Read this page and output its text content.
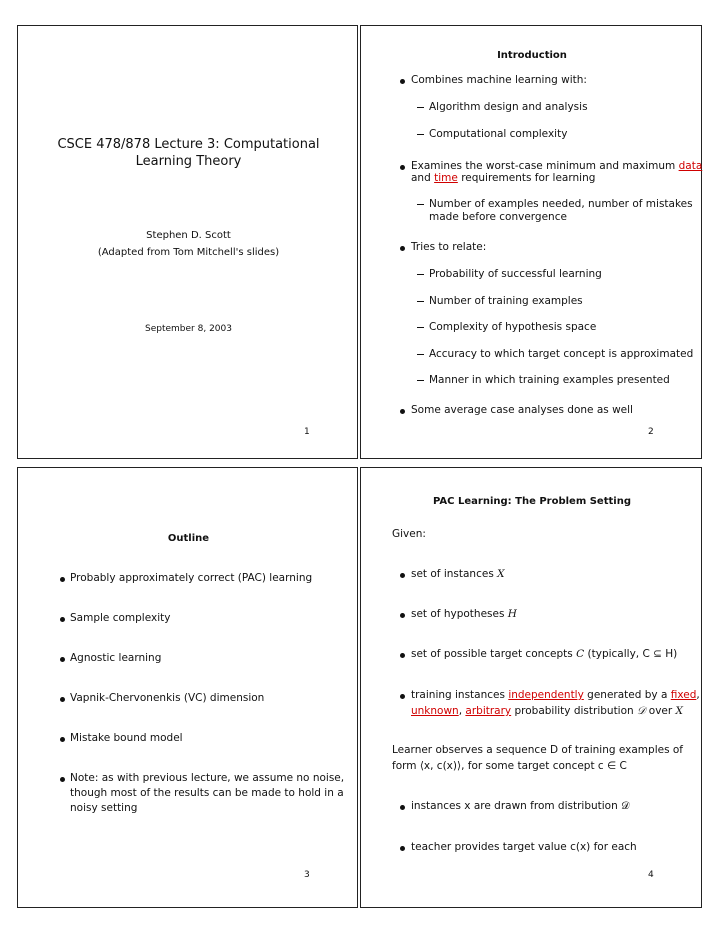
CSCE 478/878 Lecture 3: Computational
Learning Theory
Stephen D. Scott
(Adapted from Tom Mitchell's slides)
September 8, 2003
1
Introduction
Combines machine learning with:
Algorithm design and analysis
Computational complexity
Examines the worst-case minimum and maximum data
and time requirements for learning
Number of examples needed, number of mistakes
made before convergence
Tries to relate:
Probability of successful learning
Number of training examples
Complexity of hypothesis space
Accuracy to which target concept is approximated
Manner in which training examples presented
Some average case analyses done as well
2
Outline
Probably approximately correct (PAC) learning
Sample complexity
Agnostic learning
Vapnik-Chervonenkis (VC) dimension
Mistake bound model
Note: as with previous lecture, we assume no noise,
though most of the results can be made to hold in a
noisy setting
3
PAC Learning: The Problem Setting
Given:
set of instances X
set of hypotheses H
set of possible target concepts C (typically, C ⊆ H)
training instances independently generated by a fixed,
unknown, arbitrary probability distribution 𝒟 over X
Learner observes a sequence D of training examples of
form ⟨x, c(x)⟩, for some target concept c ∈ C
instances x are drawn from distribution 𝒟
teacher provides target value c(x) for each
4
